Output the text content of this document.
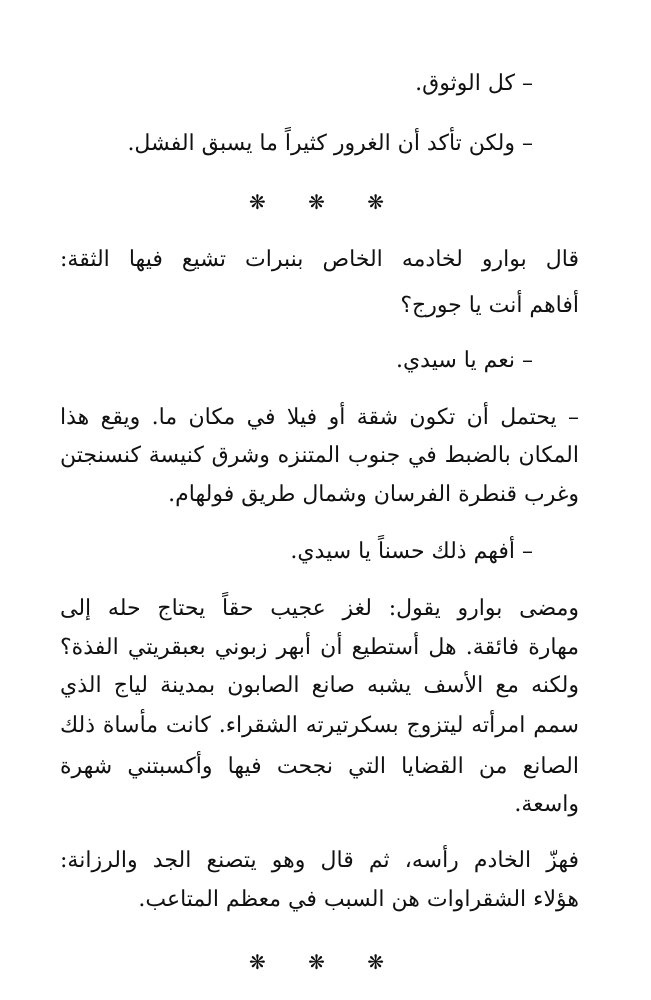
– كل الوثوق.
– ولكن تأكد أن الغرور كثيراً ما يسبق الفشل.
❋ ❋ ❋
قال بوارو لخادمه الخاص بنبرات تشيع فيها الثقة:
أفاهم أنت يا جورج؟
– نعم يا سيدي.
– يحتمل أن تكون شقة أو فيلا في مكان ما. ويقع هذا
المكان بالضبط في جنوب المتنزه وشرق كنيسة كنسنجتن
وغرب قنطرة الفرسان وشمال طريق فولهام.
– أفهم ذلك حسناً يا سيدي.
ومضى بوارو يقول: لغز عجيب حقاً يحتاج حله إلى
مهارة فائقة. هل أستطيع أن أبهر زبوني بعبقريتي الفذة؟
ولكنه مع الأسف يشبه صانع الصابون بمدينة لياج الذي
سمم امرأته ليتزوج بسكرتيرته الشقراء. كانت مأساة ذلك
الصانع من القضايا التي نجحت فيها وأكسبتني شهرة
واسعة.
فهزّ الخادم رأسه، ثم قال وهو يتصنع الجد والرزانة:
هؤلاء الشقراوات هن السبب في معظم المتاعب.
❋ ❋ ❋
